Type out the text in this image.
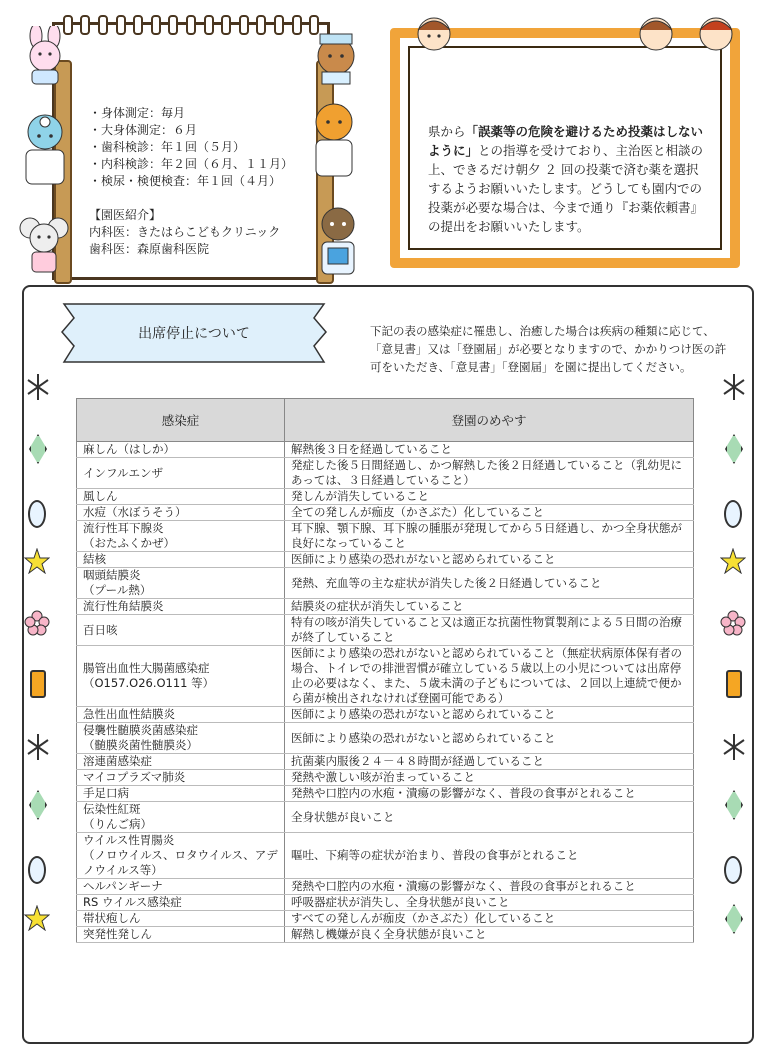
・身体測定：毎月
・大身体測定：６月
・歯科検診：年１回（５月）
・内科検診：年２回（６月、１１月）
・検尿・検便検査：年１回（４月）
【園医紹介】
内科医：きたはらこどもクリニック
歯科医：森原歯科医院
県から「誤薬等の危険を避けるため投薬はしないように」との指導を受けており、主治医と相談の上、できるだけ朝夕 ２ 回の投薬で済む薬を選択するようお願いいたします。どうしても園内での投薬が必要な場合は、今まで通り『お薬依頼書』の提出をお願いいたします。
出席停止について	下記の表の感染症に罹患し、治癒した場合は疾病の種類に応じて、「意見書」又は「登園届」が必要となりますので、かかりつけ医の許可をいただき、「意見書」「登園届」を園に提出してください。
感染症	登園のめやす
麻しん（はしか）	解熱後３日を経過していること
インフルエンザ	発症した後５日間経過し、かつ解熱した後２日経過していること（乳幼児にあっては、３日経過していること）
風しん	発しんが消失していること
水痘（水ぼうそう）	全ての発しんが痂皮（かさぶた）化していること
流行性耳下腺炎
（おたふくかぜ）	耳下腺、顎下腺、耳下腺の腫脹が発現してから５日経過し、かつ全身状態が良好になっていること
結核	医師により感染の恐れがないと認められていること
咽頭結膜炎
（プール熱）	発熱、充血等の主な症状が消失した後２日経過していること
流行性角結膜炎	結膜炎の症状が消失していること
百日咳	特有の咳が消失していること又は適正な抗菌性物質製剤による５日間の治療が終了していること
腸管出血性大腸菌感染症
（O157.O26.O111 等）	医師により感染の恐れがないと認められていること（無症状病原体保有者の場合、トイレでの排泄習慣が確立している５歳以上の小児については出席停止の必要はなく、また、５歳未満の子どもについては、２回以上連続で便から菌が検出されなければ登園可能である）
急性出血性結膜炎	医師により感染の恐れがないと認められていること
侵襲性髄膜炎菌感染症
（髄膜炎菌性髄膜炎）	医師により感染の恐れがないと認められていること
溶連菌感染症	抗菌薬内服後２４－４８時間が経過していること
マイコプラズマ肺炎	発熱や激しい咳が治まっていること
手足口病	発熱や口腔内の水疱・潰瘍の影響がなく、普段の食事がとれること
伝染性紅斑
（りんご病）	全身状態が良いこと
ウイルス性胃腸炎
（ノロウイルス、ロタウイルス、アデノウイルス等）	嘔吐、下痢等の症状が治まり、普段の食事がとれること
ヘルパンギーナ	発熱や口腔内の水疱・潰瘍の影響がなく、普段の食事がとれること
RS ウイルス感染症	呼吸器症状が消失し、全身状態が良いこと
帯状疱しん	すべての発しんが痂皮（かさぶた）化していること
突発性発しん	解熱し機嫌が良く全身状態が良いこと
